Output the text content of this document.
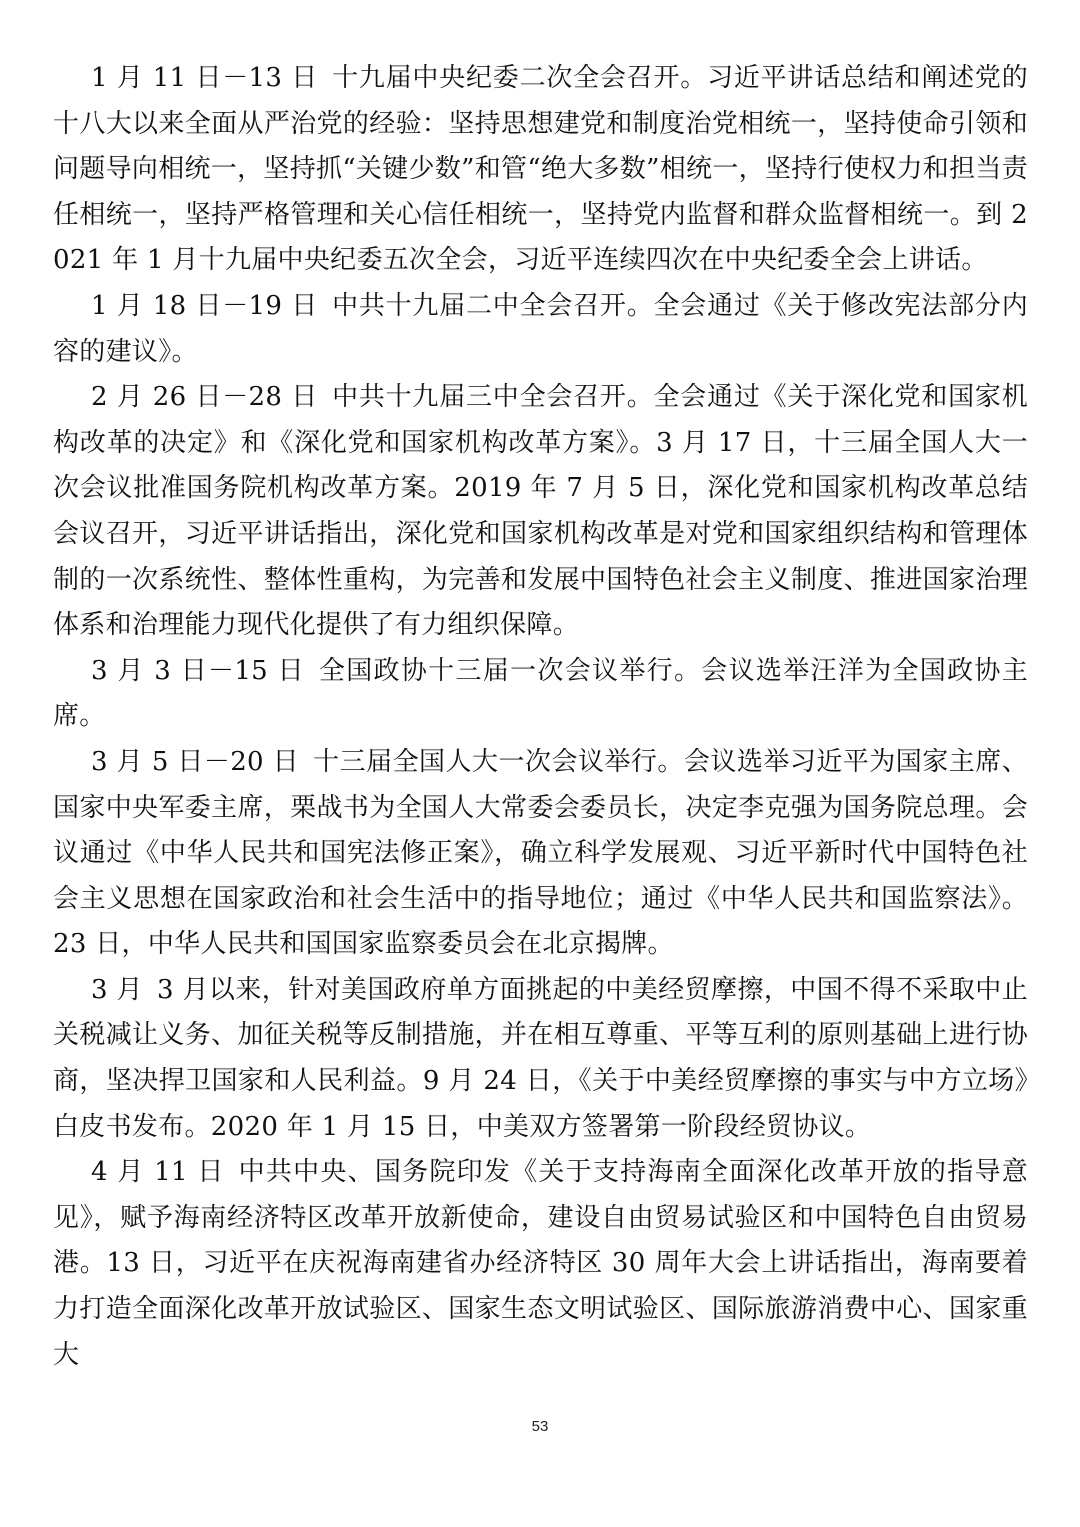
1 月 11 日－13 日 十九届中央纪委二次全会召开。习近平讲话总结和阐述党的十八大以来全面从严治党的经验：坚持思想建党和制度治党相统一，坚持使命引领和问题导向相统一，坚持抓“关键少数”和管“绝大多数”相统一，坚持行使权力和担当责任相统一，坚持严格管理和关心信任相统一，坚持党内监督和群众监督相统一。到 2021 年 1 月十九届中央纪委五次全会，习近平连续四次在中央纪委全会上讲话。

1 月 18 日－19 日 中共十九届二中全会召开。全会通过《关于修改宪法部分内容的建议》。

2 月 26 日－28 日 中共十九届三中全会召开。全会通过《关于深化党和国家机构改革的决定》和《深化党和国家机构改革方案》。3 月 17 日，十三届全国人大一次会议批准国务院机构改革方案。2019 年 7 月 5 日，深化党和国家机构改革总结会议召开，习近平讲话指出，深化党和国家机构改革是对党和国家组织结构和管理体制的一次系统性、整体性重构，为完善和发展中国特色社会主义制度、推进国家治理体系和治理能力现代化提供了有力组织保障。

3 月 3 日－15 日 全国政协十三届一次会议举行。会议选举汪洋为全国政协主席。

3 月 5 日－20 日 十三届全国人大一次会议举行。会议选举习近平为国家主席、国家中央军委主席，栗战书为全国人大常委会委员长，决定李克强为国务院总理。会议通过《中华人民共和国宪法修正案》，确立科学发展观、习近平新时代中国特色社会主义思想在国家政治和社会生活中的指导地位；通过《中华人民共和国监察法》。23 日，中华人民共和国国家监察委员会在北京揭牌。

3 月 3 月以来，针对美国政府单方面挑起的中美经贸摩擦，中国不得不采取中止关税减让义务、加征关税等反制措施，并在相互尊重、平等互利的原则基础上进行协商，坚决捍卫国家和人民利益。9 月 24 日，《关于中美经贸摩擦的事实与中方立场》白皮书发布。2020 年 1 月 15 日，中美双方签署第一阶段经贸协议。

4 月 11 日 中共中央、国务院印发《关于支持海南全面深化改革开放的指导意见》，赋予海南经济特区改革开放新使命，建设自由贸易试验区和中国特色自由贸易港。13 日，习近平在庆祝海南建省办经济特区 30 周年大会上讲话指出，海南要着力打造全面深化改革开放试验区、国家生态文明试验区、国际旅游消费中心、国家重大

53
